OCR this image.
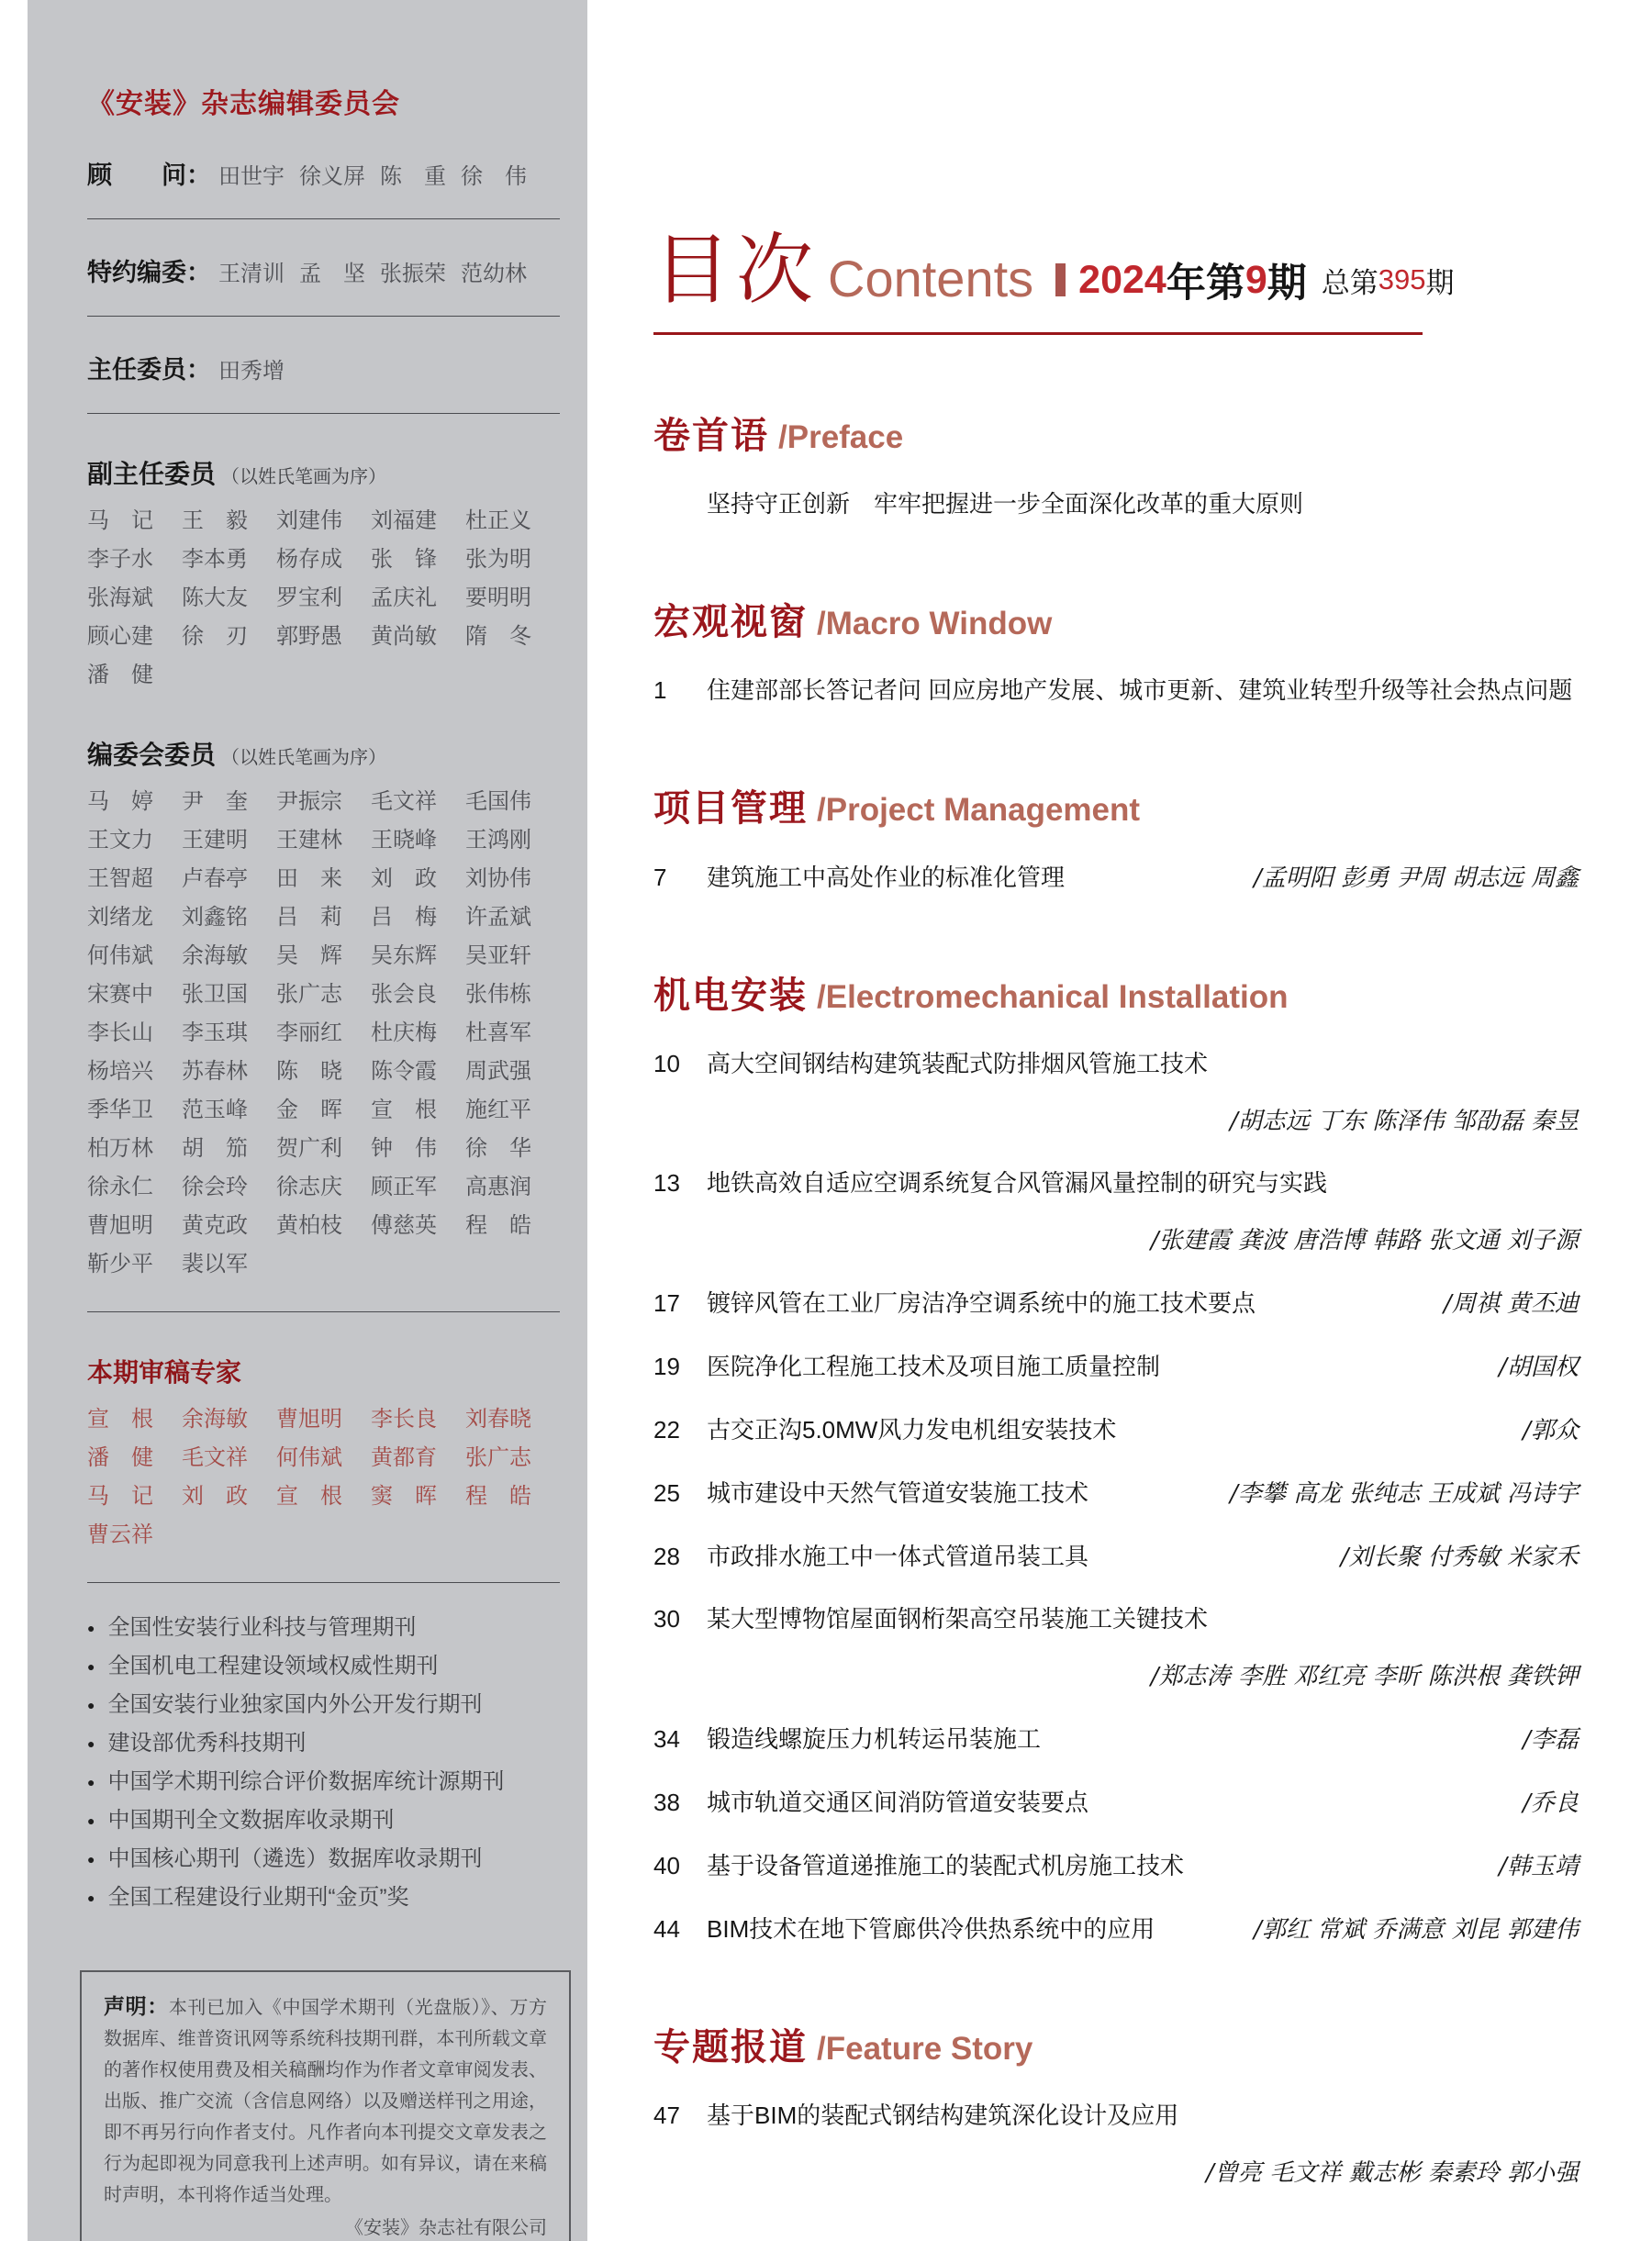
《安装》杂志编辑委员会
顾　　问： 田世宇 徐义屏 陈　重 徐　伟
特约编委： 王清训 孟　坚 张振荣 范幼林
主任委员： 田秀增
副主任委员 （以姓氏笔画为序）
马　记	王　毅	刘建伟	刘福建	杜正义
李子水	李本勇	杨存成	张　锋	张为明
张海斌	陈大友	罗宝利	孟庆礼	要明明
顾心建	徐　刃	郭野愚	黄尚敏	隋　冬
潘　健
编委会委员 （以姓氏笔画为序）
马　婷	尹　奎	尹振宗	毛文祥	毛国伟
王文力	王建明	王建林	王晓峰	王鸿刚
王智超	卢春亭	田　来	刘　政	刘协伟
刘绪龙	刘鑫铭	吕　莉	吕　梅	许孟斌
何伟斌	余海敏	吴　辉	吴东辉	吴亚轩
宋赛中	张卫国	张广志	张会良	张伟栋
李长山	李玉琪	李丽红	杜庆梅	杜喜军
杨培兴	苏春林	陈　晓	陈令霞	周武强
季华卫	范玉峰	金　晖	宣　根	施红平
柏万林	胡　笳	贺广利	钟　伟	徐　华
徐永仁	徐会玲	徐志庆	顾正军	高惠润
曹旭明	黄克政	黄柏枝	傅慈英	程　皓
靳少平	裴以军
本期审稿专家
宣　根	余海敏	曹旭明	李长良	刘春晓
潘　健	毛文祥	何伟斌	黄都育	张广志
马　记	刘　政	宣　根	窦　晖	程　皓
曹云祥
● 全国性安装行业科技与管理期刊
● 全国机电工程建设领域权威性期刊
● 全国安装行业独家国内外公开发行期刊
● 建设部优秀科技期刊
● 中国学术期刊综合评价数据库统计源期刊
● 中国期刊全文数据库收录期刊
● 中国核心期刊（遴选）数据库收录期刊
● 全国工程建设行业期刊“金页”奖
声明：本刊已加入《中国学术期刊（光盘版）》、万方数据库、维普资讯网等系统科技期刊群，本刊所载文章的著作权使用费及相关稿酬均作为作者文章审阅发表、出版、推广交流（含信息网络）以及赠送样刊之用途，即不再另行向作者支付。凡作者向本刊提交文章发表之行为起即视为同意我刊上述声明。如有异议，请在来稿时声明，本刊将作适当处理。
《安装》杂志社有限公司
目次 Contents 2024 年第 9 期 总第 395 期
卷首语 /Preface
坚持守正创新　牢牢把握进一步全面深化改革的重大原则
宏观视窗 /Macro Window
1	住建部部长答记者问 回应房地产发展、城市更新、建筑业转型升级等社会热点问题
项目管理 /Project Management
7	建筑施工中高处作业的标准化管理	/孟明阳 彭勇 尹周 胡志远 周鑫
机电安装 /Electromechanical Installation
10	高大空间钢结构建筑装配式防排烟风管施工技术
/胡志远 丁东 陈泽伟 邹劭磊 秦昱
13	地铁高效自适应空调系统复合风管漏风量控制的研究与实践
/张建霞 龚波 唐浩博 韩路 张文通 刘子源
17	镀锌风管在工业厂房洁净空调系统中的施工技术要点	/周祺 黄丕迪
19	医院净化工程施工技术及项目施工质量控制	/胡国权
22	古交正沟5.0MW风力发电机组安装技术	/郭众
25	城市建设中天然气管道安装施工技术	/李攀 高龙 张纯志 王成斌 冯诗宇
28	市政排水施工中一体式管道吊装工具	/刘长聚 付秀敏 米家禾
30	某大型博物馆屋面钢桁架高空吊装施工关键技术
/郑志涛 李胜 邓红亮 李昕 陈洪根 龚铁钾
34	锻造线螺旋压力机转运吊装施工	/李磊
38	城市轨道交通区间消防管道安装要点	/乔良
40	基于设备管道递推施工的装配式机房施工技术	/韩玉靖
44	BIM技术在地下管廊供冷供热系统中的应用	/郭红 常斌 乔满意 刘昆 郭建伟
专题报道 /Feature Story
47	基于BIM的装配式钢结构建筑深化设计及应用
/曾亮 毛文祥 戴志彬 秦素玲 郭小强
